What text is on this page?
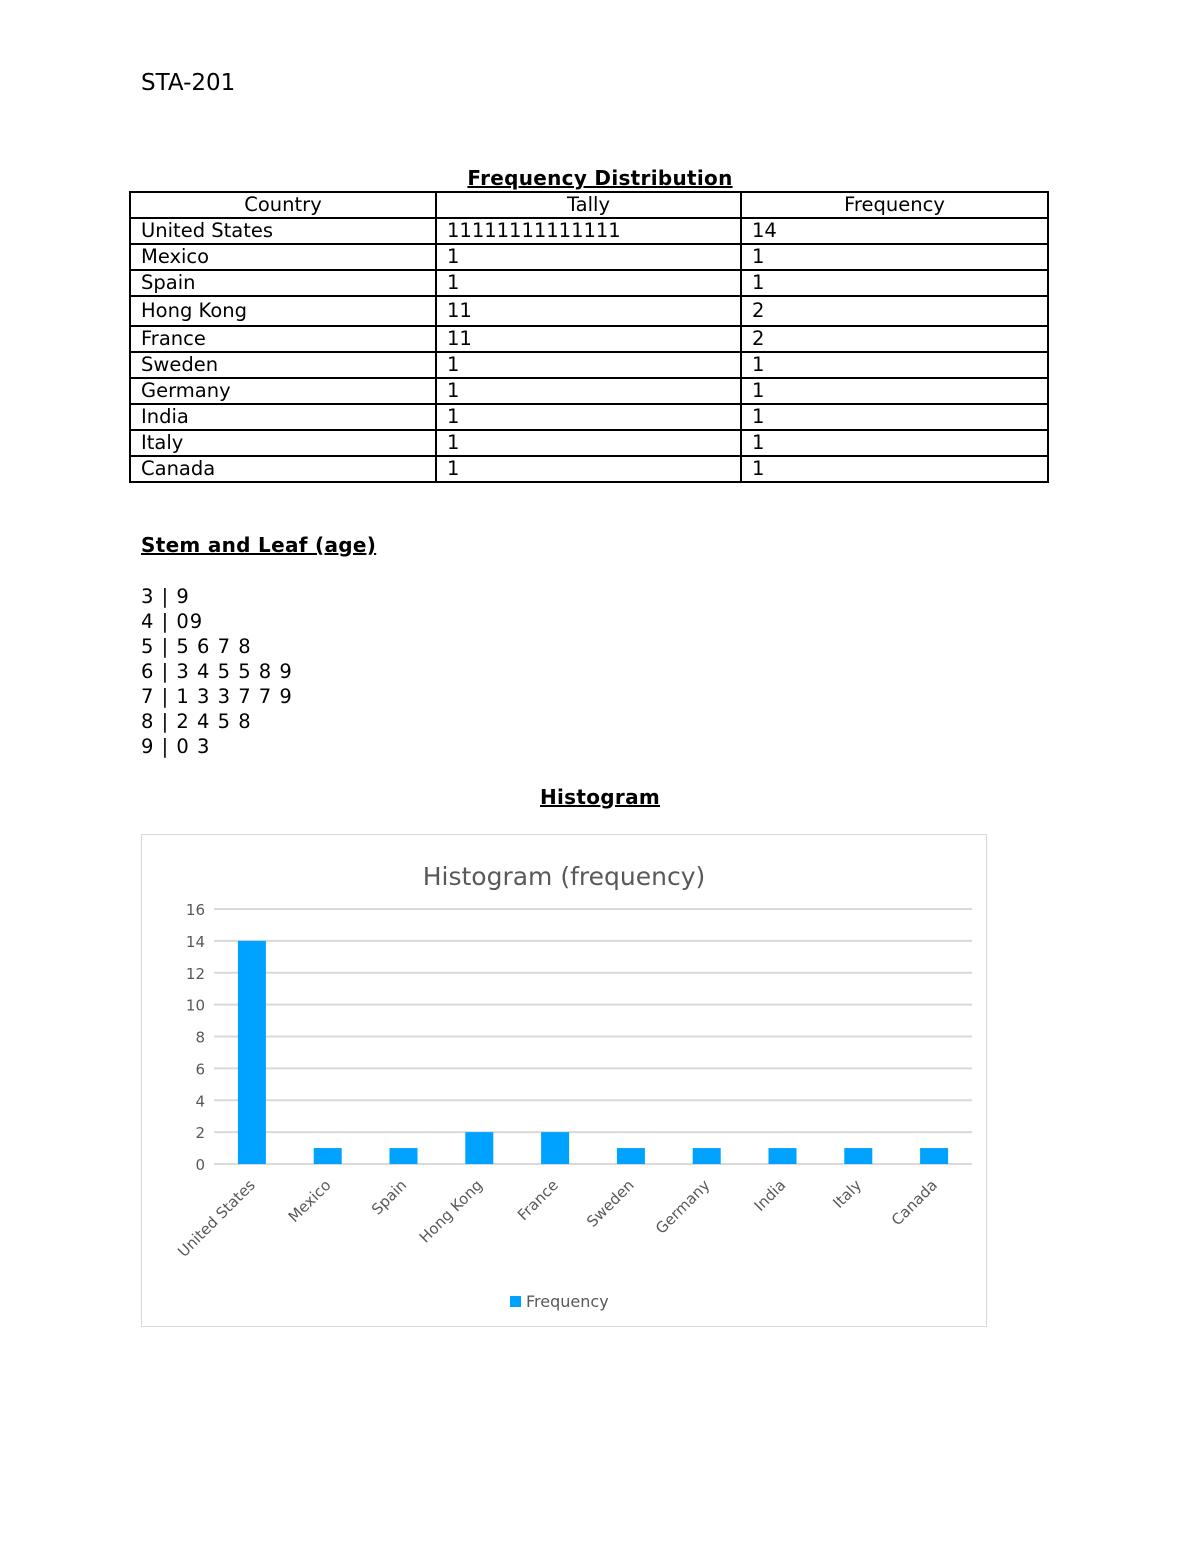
STA-201
Frequency Distribution
Country	Tally	Frequency
United States	11111111111111	14
Mexico	1	1
Spain	1	1
Hong Kong	11	2
France	11	2
Sweden	1	1
Germany	1	1
India	1	1
Italy	1	1
Canada	1	1
Stem and Leaf (age)
3 | 9
4 | 09
5 | 5 6 7 8
6 | 3 4 5 5 8 9
7 | 1 3 3 7 7 9
8 | 2 4 5 8
9 | 0 3
Histogram
Histogram (frequency)
0
2
4
6
8
10
12
14
16
United States Mexico Spain Hong Kong France Sweden Germany India	Italy Canada
Frequency
